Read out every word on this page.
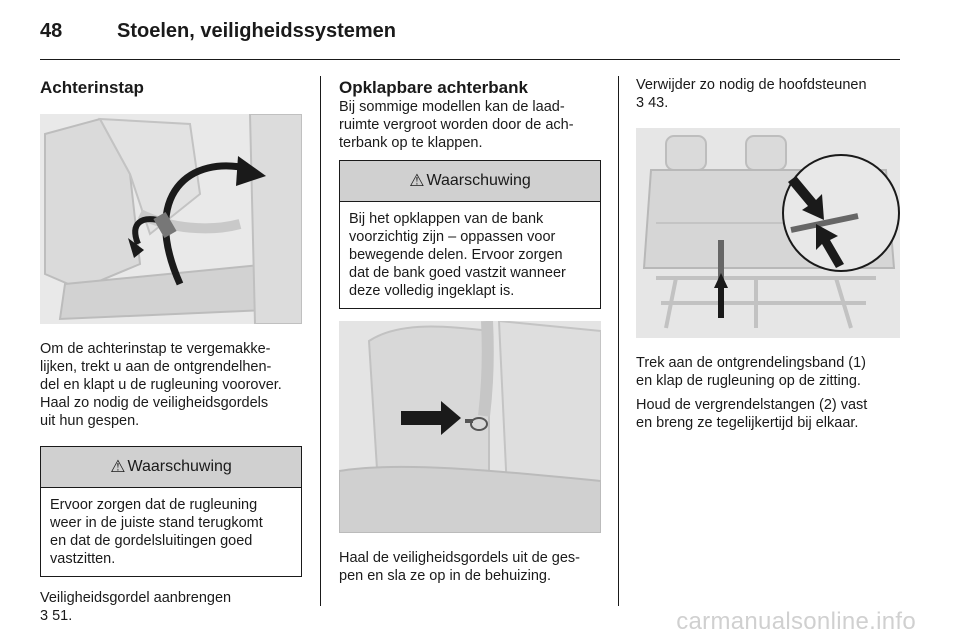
48	Stoelen, veiligheidssystemen
Achterinstap

Om de achterinstap te vergemakke-
lijken, trekt u aan de ontgrendelhen-
del en klapt u de rugleuning voorover.
Haal zo nodig de veiligheidsgordels
uit hun gespen.

⚠ Waarschuwing
Ervoor zorgen dat de rugleuning
weer in de juiste stand terugkomt
en dat de gordelsluitingen goed
vastzitten.

Veiligheidsgordel aanbrengen
3 51.

Opklapbare achterbank

Bij sommige modellen kan de laad-
ruimte vergroot worden door de ach-
terbank op te klappen.

⚠ Waarschuwing
Bij het opklappen van de bank
voorzichtig zijn – oppassen voor
bewegende delen. Ervoor zorgen
dat de bank goed vastzit wanneer
deze volledig ingeklapt is.

Haal de veiligheidsgordels uit de ges-
pen en sla ze op in de behuizing.

Verwijder zo nodig de hoofdsteunen
3 43.

Trek aan de ontgrendelingsband (1)
en klap de rugleuning op de zitting.

Houd de vergrendelstangen (2) vast
en breng ze tegelijkertijd bij elkaar.

carmanualsonline.info
